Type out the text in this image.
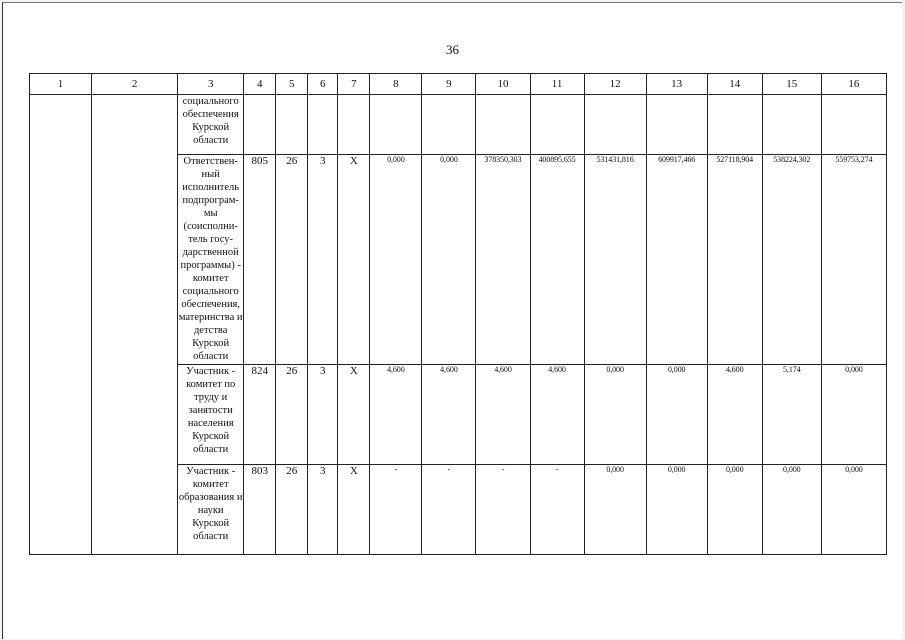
36
1	2	3	4	5	6	7	8	9	10	11	12	13	14	15	16
		социального обеспечения Курской области													
		Ответствен-ный исполнитель подпрограм-мы (соисполни-тель госу-дарственной программы) - комитет социального обеспечения, материнства и детства Курской области	805	26	3	Х	0,000	0,000	378350,303	400895,655	531431,816	609917,466	527118,904	538224,302	559753,274
		Участник - комитет по труду и занятости населения Курской области	824	26	3	Х	4,600	4,600	4,600	4,600	0,000	0,000	4,600	5,174	0,000
		Участник - комитет образования и науки Курской области	803	26	3	Х	-	-	-	-	0,000	0,000	0,000	0,000	0,000
